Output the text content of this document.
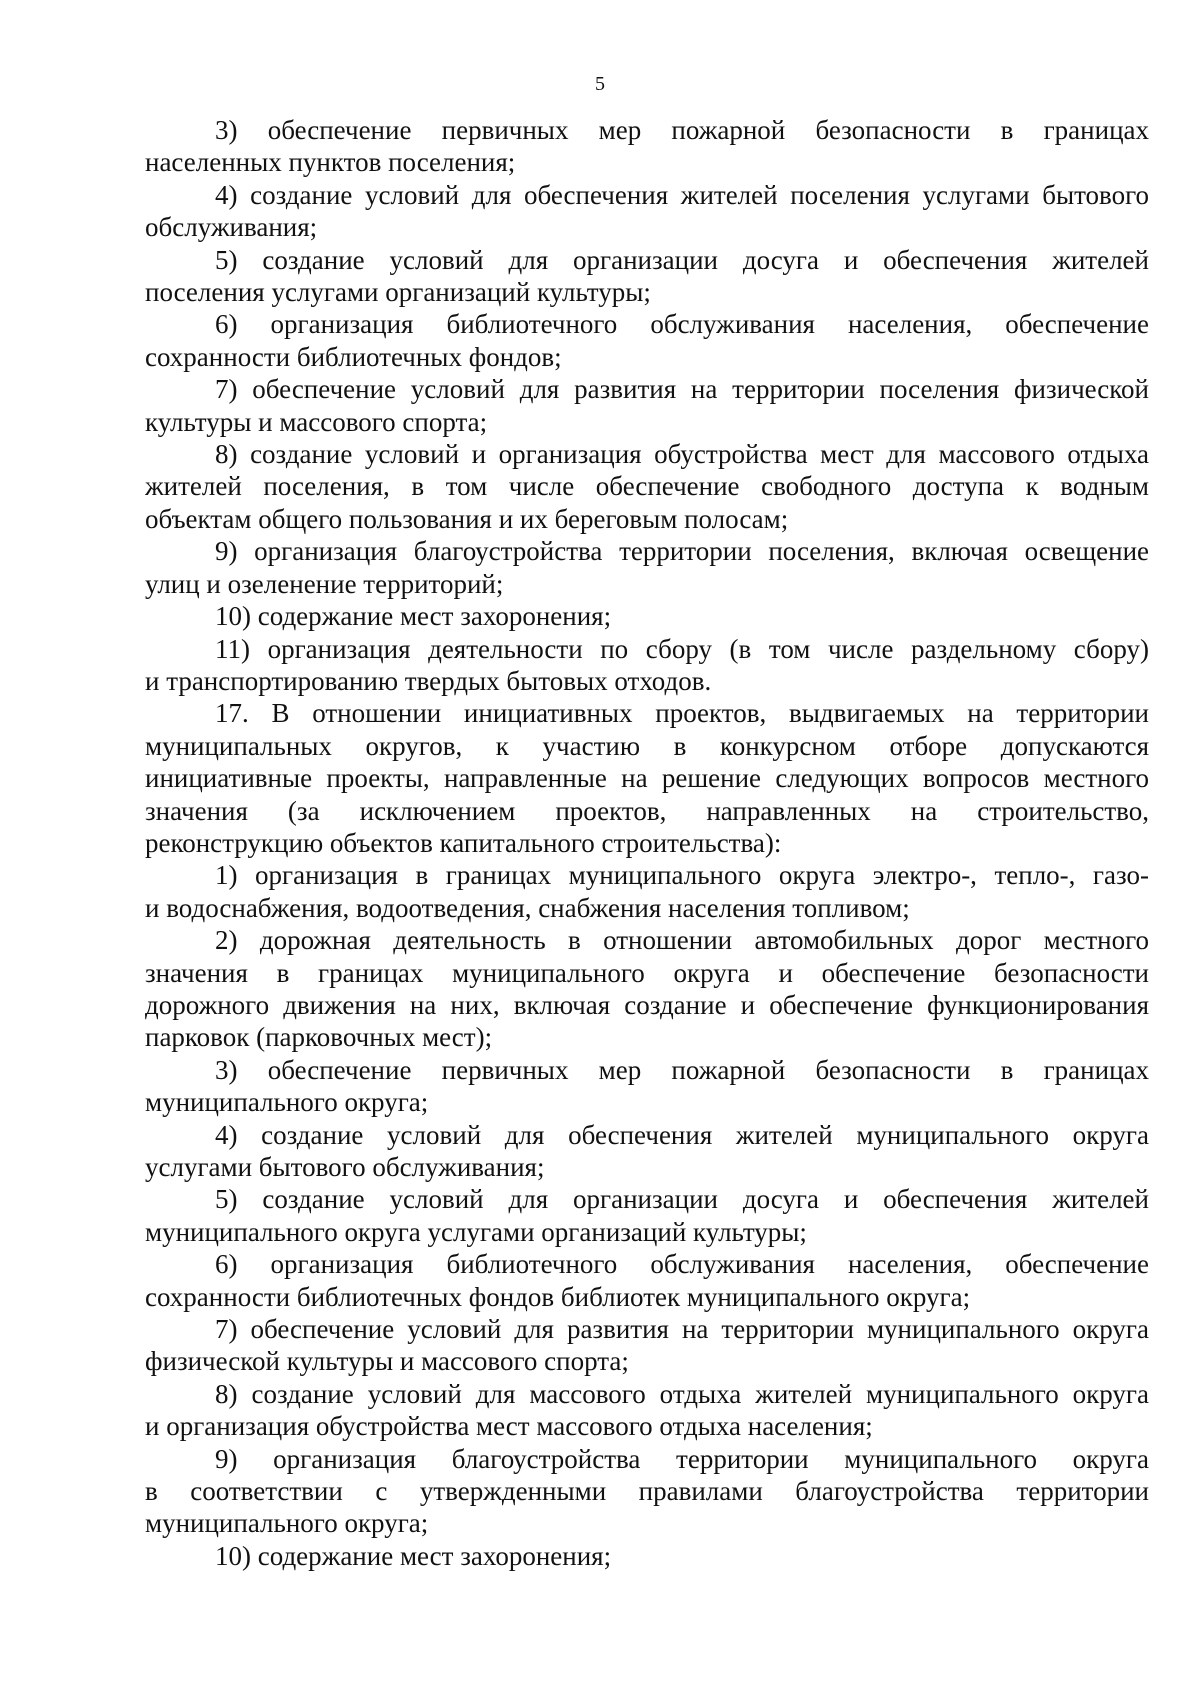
5
3) обеспечение первичных мер пожарной безопасности в границах
населенных пунктов поселения;
4) создание условий для обеспечения жителей поселения услугами бытового
обслуживания;
5) создание условий для организации досуга и обеспечения жителей
поселения услугами организаций культуры;
6) организация библиотечного обслуживания населения, обеспечение
сохранности библиотечных фондов;
7) обеспечение условий для развития на территории поселения физической
культуры и массового спорта;
8) создание условий и организация обустройства мест для массового отдыха
жителей поселения, в том числе обеспечение свободного доступа к водным
объектам общего пользования и их береговым полосам;
9) организация благоустройства территории поселения, включая освещение
улиц и озеленение территорий;
10) содержание мест захоронения;
11) организация деятельности по сбору (в том числе раздельному сбору)
и транспортированию твердых бытовых отходов.
17. В отношении инициативных проектов, выдвигаемых на территории
муниципальных округов, к участию в конкурсном отборе допускаются
инициативные проекты, направленные на решение следующих вопросов местного
значения (за исключением проектов, направленных на строительство,
реконструкцию объектов капитального строительства):
1) организация в границах муниципального округа электро-, тепло-, газо-
и водоснабжения, водоотведения, снабжения населения топливом;
2) дорожная деятельность в отношении автомобильных дорог местного
значения в границах муниципального округа и обеспечение безопасности
дорожного движения на них, включая создание и обеспечение функционирования
парковок (парковочных мест);
3) обеспечение первичных мер пожарной безопасности в границах
муниципального округа;
4) создание условий для обеспечения жителей муниципального округа
услугами бытового обслуживания;
5) создание условий для организации досуга и обеспечения жителей
муниципального округа услугами организаций культуры;
6) организация библиотечного обслуживания населения, обеспечение
сохранности библиотечных фондов библиотек муниципального округа;
7) обеспечение условий для развития на территории муниципального округа
физической культуры и массового спорта;
8) создание условий для массового отдыха жителей муниципального округа
и организация обустройства мест массового отдыха населения;
9) организация благоустройства территории муниципального округа
в соответствии с утвержденными правилами благоустройства территории
муниципального округа;
10) содержание мест захоронения;
